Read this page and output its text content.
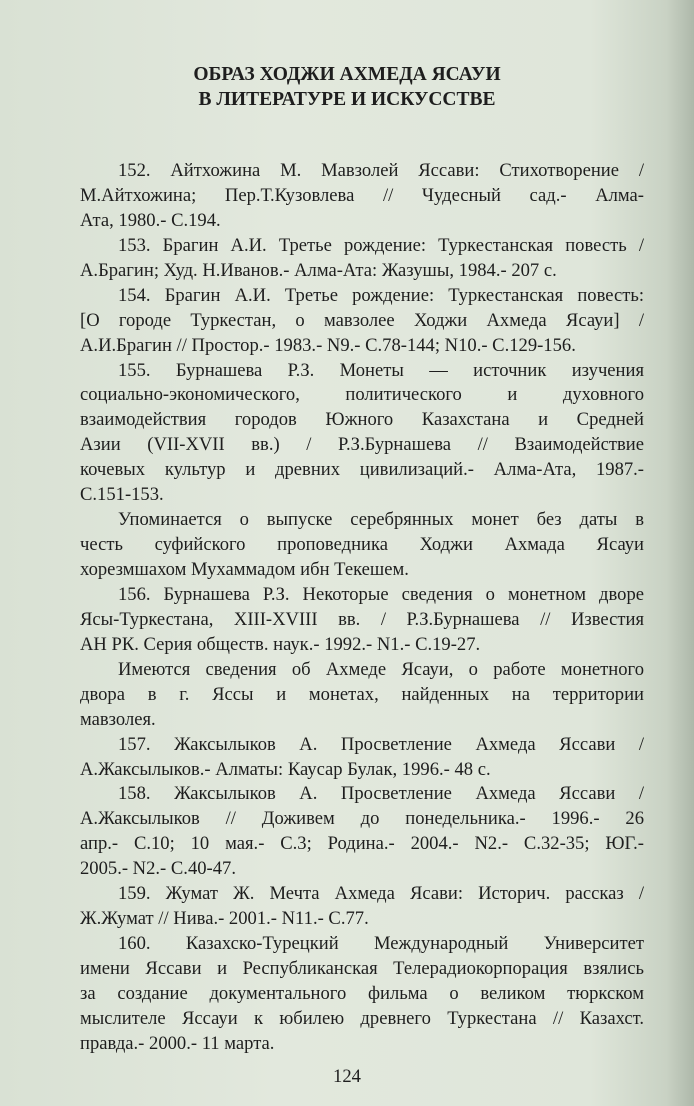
ОБРАЗ ХОДЖИ АХМЕДА ЯСАУИ
В ЛИТЕРАТУРЕ И ИСКУССТВЕ
152. Айтхожина М. Мавзолей Яссави: Стихотворение /
М.Айтхожина; Пер.Т.Кузовлева // Чудесный сад.- Алма-
Ата, 1980.- С.194.
153. Брагин А.И. Третье рождение: Туркестанская повесть /
А.Брагин; Худ. Н.Иванов.- Алма-Ата: Жазушы, 1984.- 207 с.
154. Брагин А.И. Третье рождение: Туркестанская повесть:
[О городе Туркестан, о мавзолее Ходжи Ахмеда Ясауи] /
А.И.Брагин // Простор.- 1983.- N9.- С.78-144; N10.- С.129-156.
155. Бурнашева Р.З. Монеты — источник изучения
социально-экономического, политического и духовного
взаимодействия городов Южного Казахстана и Средней
Азии (VII-XVII вв.) / Р.З.Бурнашева // Взаимодействие
кочевых культур и древних цивилизаций.- Алма-Ата, 1987.-
С.151-153.
Упоминается о выпуске серебрянных монет без даты в
честь суфийского проповедника Ходжи Ахмада Ясауи
хорезмшахом Мухаммадом ибн Текешем.
156. Бурнашева Р.З. Некоторые сведения о монетном дворе
Ясы-Туркестана, XIII-XVIII вв. / Р.З.Бурнашева // Известия
АН РК. Серия обществ. наук.- 1992.- N1.- С.19-27.
Имеются сведения об Ахмеде Ясауи, о работе монетного
двора в г. Яссы и монетах, найденных на территории
мавзолея.
157. Жаксылыков А. Просветление Ахмеда Яссави /
А.Жаксылыков.- Алматы: Каусар Булак, 1996.- 48 с.
158. Жаксылыков А. Просветление Ахмеда Яссави /
А.Жаксылыков // Доживем до понедельника.- 1996.- 26
апр.- С.10; 10 мая.- С.3; Родина.- 2004.- N2.- С.32-35; ЮГ.-
2005.- N2.- С.40-47.
159. Жумат Ж. Мечта Ахмеда Ясави: Историч. рассказ /
Ж.Жумат // Нива.- 2001.- N11.- С.77.
160. Казахско-Турецкий Международный Университет
имени Яссави и Республиканская Телерадиокорпорация взялись
за создание документального фильма о великом тюркском
мыслителе Яссауи к юбилею древнего Туркестана // Казахст.
правда.- 2000.- 11 марта.
124
